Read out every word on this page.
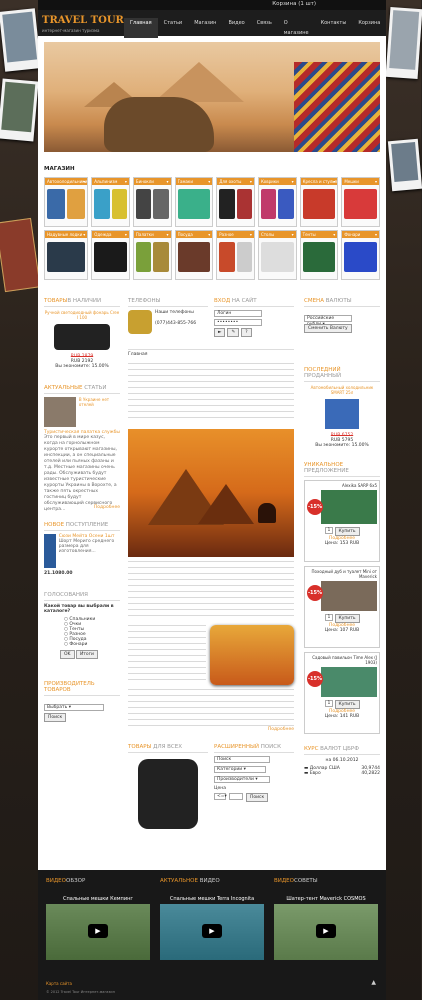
Корзина (1 шт)
TRAVEL TOUR
интернет-магазин туризма
Главная	Статьи	Магазин	Видео	Связь	О магазине
Контакты	Корзина
МАГАЗИН
Автохолодильники ▾	Альпинизм ▾	Бинокли ▾	Гамаки ▾	Для охоты ▾	Коврики ▾	Кресла и стулья ▾	Мешки ▾
Надувные лодки ▾	Одежда ▾	Палатки ▾	Посуда ▾	Разное ▾	Столы ▾	Тенты ▾	Фонари ▾
ТОВАРЫВ НАЛИЧИИ
Ручной светодиодный фонарь Cree I 100
RUB 2879
RUB 2192
Вы экономите: 15.00%
АКТУАЛЬНЫЕ СТАТЬИ
В Украине нет отелей
Туристическая палатка службы
Это первый в мире казус, когда на горнолыжном курорте открывают магазины, инспекции, а он специальные отелей или пьяных фазаны и т.д. Местные магазины очень рады. Обслуживать будут известные туристические курорты Украины в Ворохте, а также пять окрестных гостиниц будут обслуживающий сервисного центра...	Подробнее
НОВОЕ ПОСТУПЛЕНИЕ
Сюзи Мейта Осени 1шт
Шорт Мериго среднего размера для изготовления...
21.1080.00
ГОЛОСОВАНИЯ
Какой товар вы выбрали в каталоге?
○ Спальники
○ Очки
○ Тенты
○ Разное
○ Посуда
○ Фонари
OK Итоги
ПРОИЗВОДИТЕЛЬ
ТОВАРОВ
Выбрать ▾
Поиск
ТЕЛЕФОНЫ
Наши телефоны
(077)443-855-766
ВХОД НА САЙТ
Логин
••••••••
►	✎	?
Главная
Подробнее
ТОВАРЫ ДЛЯ ВСЕХ	РАСШИРЕННЫЙ ПОИСК
Поиск
Категории ▾
Производители ▾
Цена
<=▾	Поиск
СМЕНА ВАЛЮТЫ
Российские
Сменить Валюту
ПОСЛЕДНИЙ
ПРОДАННЫЙ
Автомобильный холодильник SMART 25л
RUB 6752
RUB 5795
Вы экономите: 15.00%
УНИКАЛЬНОЕ
ПРЕДЛОЖЕНИЕ
Alexika SARP 6x5
-15%
1	Купить
Подробнее
Цена: 153 RUB
Походный дуб и туалет Mini от Maverick
-15%
1	Купить
Подробнее
Цена: 107 RUB
Садовый павильон Time Alex (J 1903)
-15%
1	Купить
Подробнее
Цена: 141 RUB
КУРС ВАЛЮТ ЦБРФ
на 06.10.2012
▬ Доллар США	30,9744
▬ Евро	40,2822
ВИДЕООБЗОР
Спальные мешки Кемпинг
▶
АКТУАЛЬНОЕ ВИДЕО
Спальные мешки Terra Incognita
▶
ВИДЕОСОВЕТЫ
Шатер-тент Maverick COSMOS
▶
Карта сайта
© 2012 Travel Tour Интернет-магазин
▲
